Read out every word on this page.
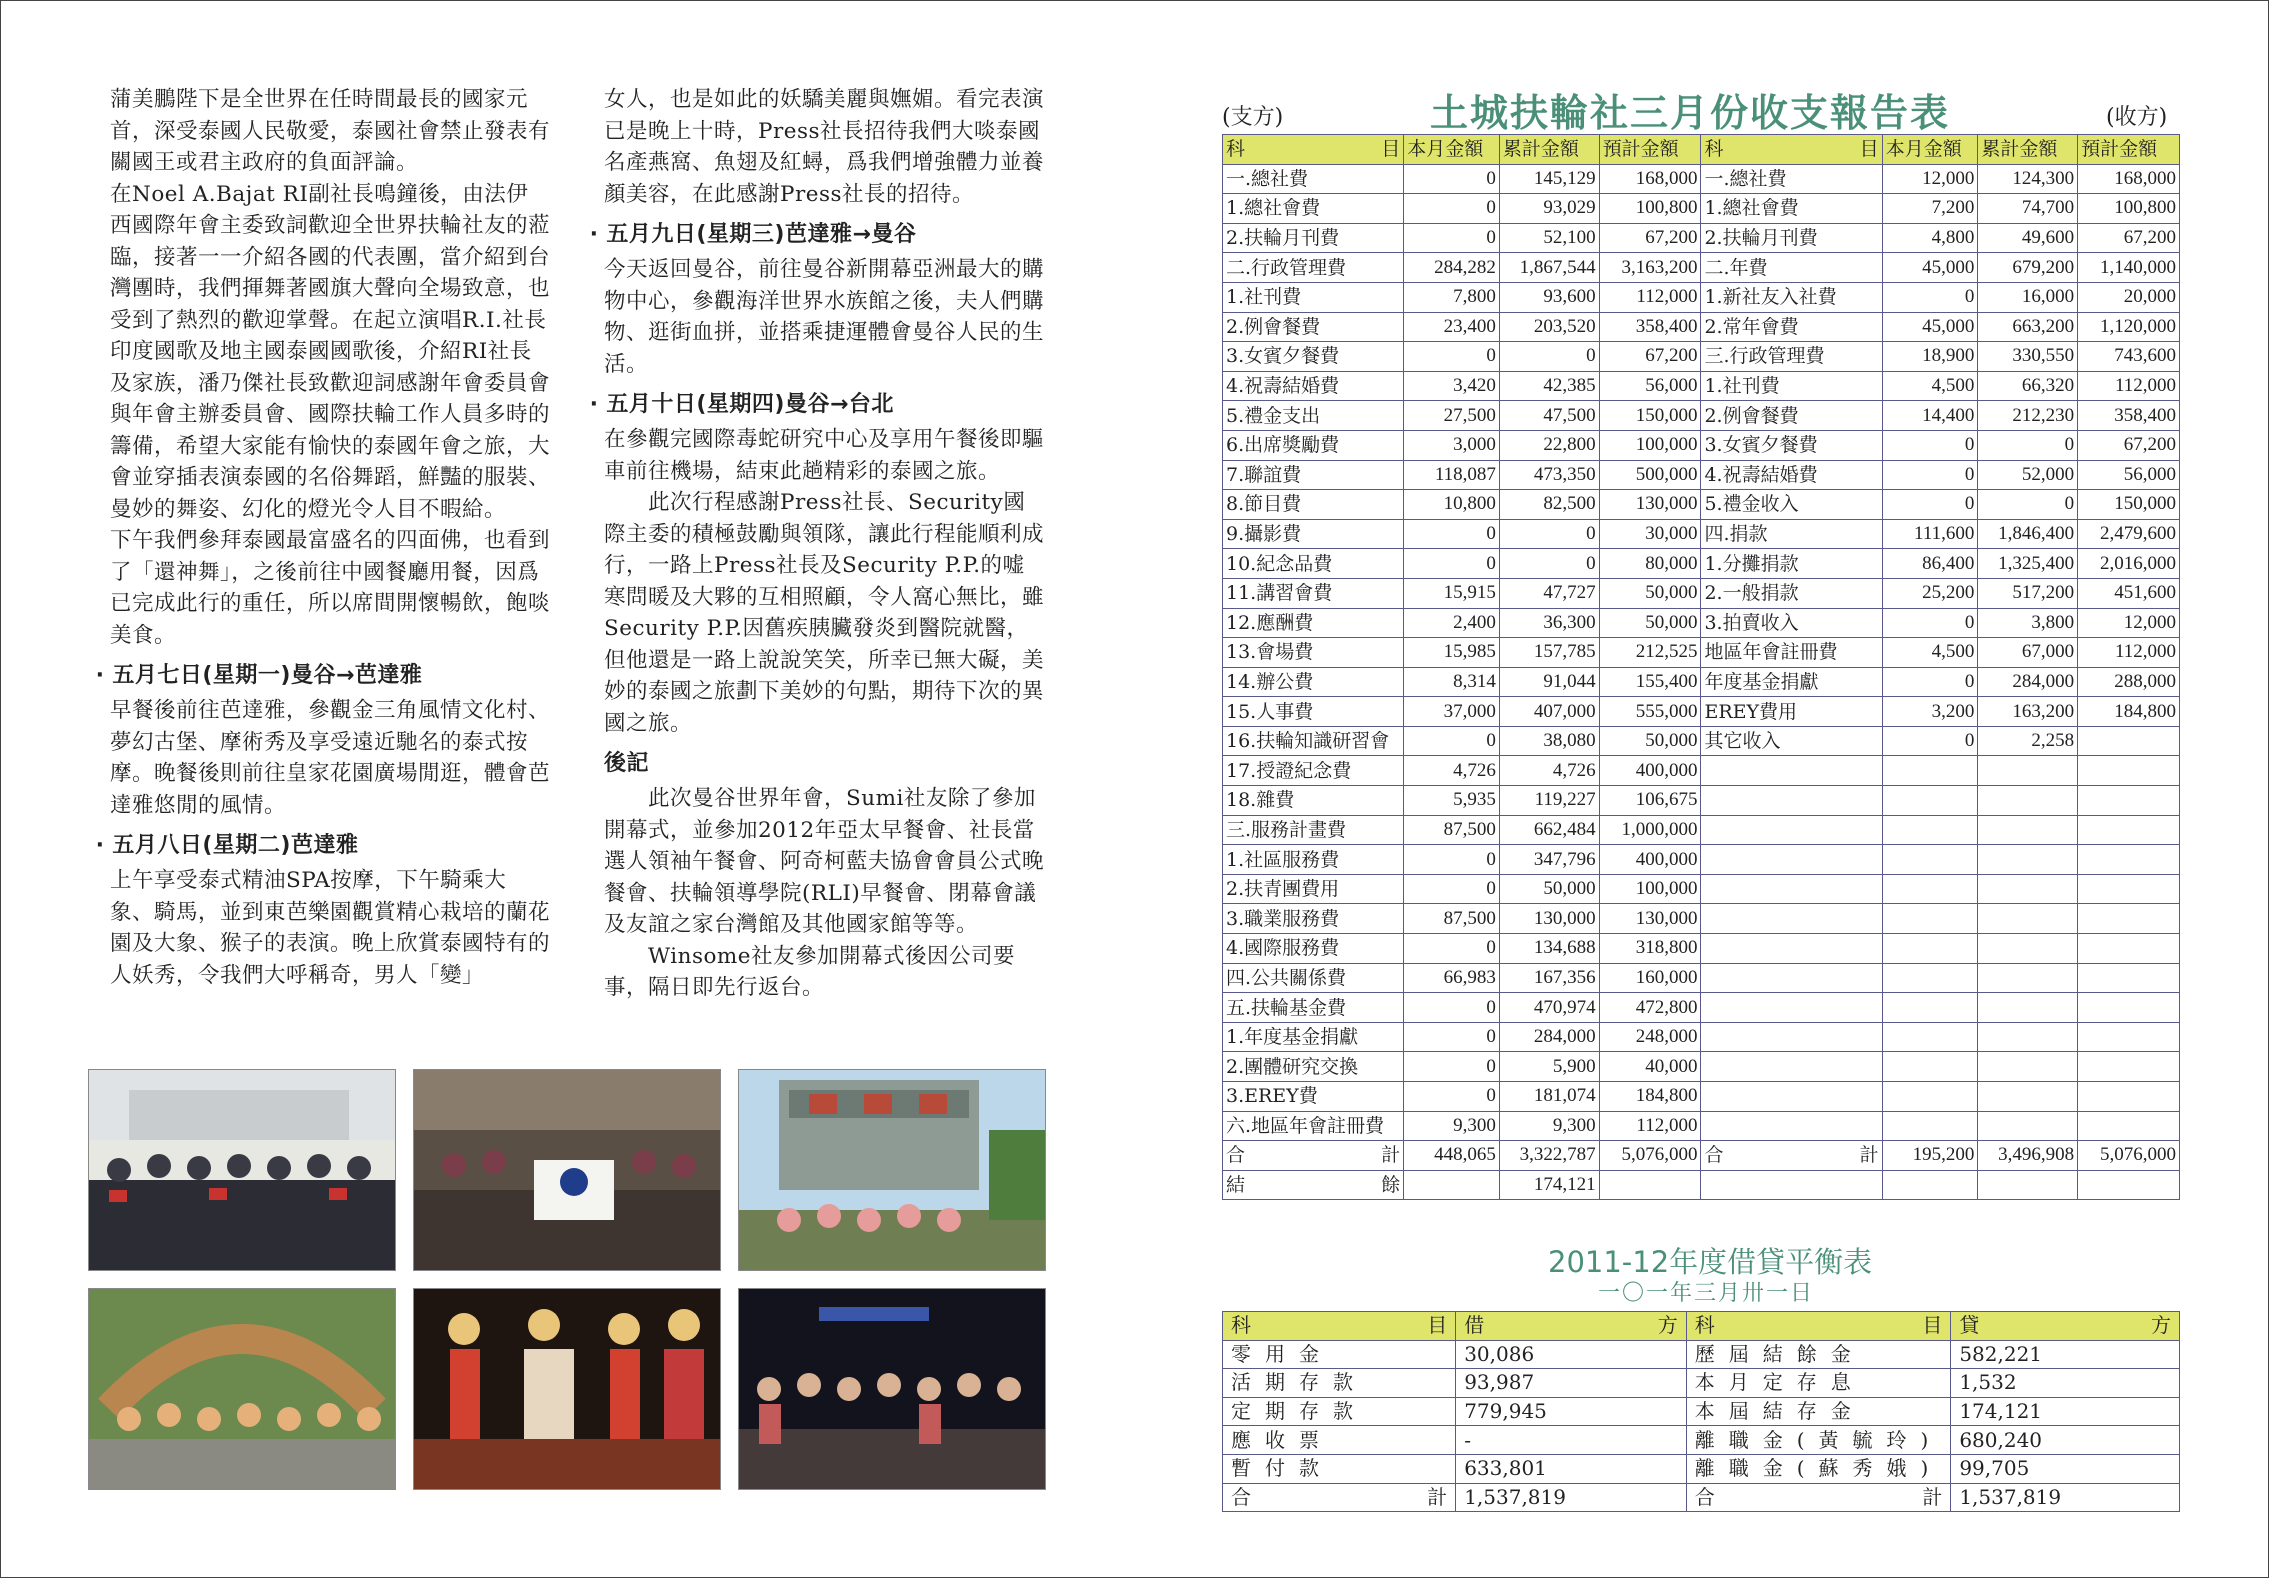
蒲美鵬陛下是全世界在任時間最長的國家元首，深受泰國人民敬愛，泰國社會禁止發表有關國王或君主政府的負面評論。

在Noel A.Bajat RI副社長鳴鐘後，由法伊西國際年會主委致詞歡迎全世界扶輪社友的蒞臨，接著一一介紹各國的代表團，當介紹到台灣團時，我們揮舞著國旗大聲向全場致意，也受到了熱烈的歡迎掌聲。在起立演唱R.I.社長印度國歌及地主國泰國國歌後，介紹RI社長及家族，潘乃傑社長致歡迎詞感謝年會委員會與年會主辦委員會、國際扶輪工作人員多時的籌備，希望大家能有愉快的泰國年會之旅，大會並穿插表演泰國的名俗舞蹈，鮮豔的服裝、曼妙的舞姿、幻化的燈光令人目不暇給。

下午我們參拜泰國最富盛名的四面佛，也看到了「還神舞」，之後前往中國餐廳用餐，因爲已完成此行的重任，所以席間開懷暢飲，飽啖美食。

‧ 五月七日(星期一)曼谷→芭達雅

早餐後前往芭達雅，參觀金三角風情文化村、夢幻古堡、摩術秀及享受遠近馳名的泰式按摩。晚餐後則前往皇家花園廣場閒逛，體會芭達雅悠閒的風情。

‧ 五月八日(星期二)芭達雅

上午享受泰式精油SPA按摩，下午騎乘大象、騎馬，並到東芭樂園觀賞精心栽培的蘭花園及大象、猴子的表演。晚上欣賞泰國特有的人妖秀，令我們大呼稱奇，男人「變」

女人，也是如此的妖驕美麗與嫵媚。看完表演已是晚上十時，Press社長招待我們大啖泰國名產燕窩、魚翅及紅蟳，爲我們增強體力並養顏美容，在此感謝Press社長的招待。

‧ 五月九日(星期三)芭達雅→曼谷

今天返回曼谷，前往曼谷新開幕亞洲最大的購物中心，參觀海洋世界水族館之後，夫人們購物、逛街血拼，並搭乘捷運體會曼谷人民的生活。

‧ 五月十日(星期四)曼谷→台北

在參觀完國際毒蛇研究中心及享用午餐後即驅車前往機場，結束此趟精彩的泰國之旅。

此次行程感謝Press社長、Security國際主委的積極鼓勵與領隊，讓此行程能順利成行，一路上Press社長及Security P.P.的嘘寒問暖及大夥的互相照顧，令人窩心無比，雖Security P.P.因舊疾胰臟發炎到醫院就醫，但他還是一路上說說笑笑，所幸已無大礙，美妙的泰國之旅劃下美妙的句點，期待下次的異國之旅。

後記

此次曼谷世界年會，Sumi社友除了參加開幕式，並參加2012年亞太早餐會、社長當選人領袖午餐會、阿奇柯藍夫協會會員公式晚餐會、扶輪領導學院(RLI)早餐會、閉幕會議及友誼之家台灣館及其他國家館等等。

Winsome社友參加開幕式後因公司要事，隔日即先行返台。

土城扶輪社三月份收支報告表
(支方)	(收方)
科 目	本月金額	累計金額	預計金額	科 目	本月金額	累計金額	預計金額
一.總社費	0	145,129	168,000	一.總社費	12,000	124,300	168,000
1.總社會費	0	93,029	100,800	1.總社會費	7,200	74,700	100,800
2.扶輪月刊費	0	52,100	67,200	2.扶輪月刊費	4,800	49,600	67,200
二.行政管理費	284,282	1,867,544	3,163,200	二.年費	45,000	679,200	1,140,000
1.社刊費	7,800	93,600	112,000	1.新社友入社費	0	16,000	20,000
2.例會餐費	23,400	203,520	358,400	2.常年會費	45,000	663,200	1,120,000
3.女賓夕餐費	0	0	67,200	三.行政管理費	18,900	330,550	743,600
4.祝壽結婚費	3,420	42,385	56,000	1.社刊費	4,500	66,320	112,000
5.禮金支出	27,500	47,500	150,000	2.例會餐費	14,400	212,230	358,400
6.出席獎勵費	3,000	22,800	100,000	3.女賓夕餐費	0	0	67,200
7.聯誼費	118,087	473,350	500,000	4.祝壽結婚費	0	52,000	56,000
8.節目費	10,800	82,500	130,000	5.禮金收入	0	0	150,000
9.攝影費	0	0	30,000	四.捐款	111,600	1,846,400	2,479,600
10.紀念品費	0	0	80,000	1.分攤捐款	86,400	1,325,400	2,016,000
11.講習會費	15,915	47,727	50,000	2.一般捐款	25,200	517,200	451,600
12.應酬費	2,400	36,300	50,000	3.拍賣收入	0	3,800	12,000
13.會場費	15,985	157,785	212,525	地區年會註冊費	4,500	67,000	112,000
14.辦公費	8,314	91,044	155,400	年度基金捐獻	0	284,000	288,000
15.人事費	37,000	407,000	555,000	EREY費用	3,200	163,200	184,800
16.扶輪知識研習會	0	38,080	50,000	其它收入	0	2,258	
17.授證紀念費	4,726	4,726	400,000				
18.雜費	5,935	119,227	106,675				
三.服務計畫費	87,500	662,484	1,000,000				
1.社區服務費	0	347,796	400,000				
2.扶青團費用	0	50,000	100,000				
3.職業服務費	87,500	130,000	130,000				
4.國際服務費	0	134,688	318,800				
四.公共關係費	66,983	167,356	160,000				
五.扶輪基金費	0	470,974	472,800				
1.年度基金捐獻	0	284,000	248,000				
2.團體研究交換	0	5,900	40,000				
3.EREY費	0	181,074	184,800				
六.地區年會註冊費	9,300	9,300	112,000				

合 計	448,065	3,322,787	5,076,000	合 計	195,200	3,496,908	5,076,000

結 餘		174,121					
2011-12年度借貸平衡表
一〇一年三月卅一日
科 目	借 方	科 目	貸 方

零用金	30,086	歷屆結餘金	582,221
活期存款	93,987	本月定存息	1,532
定期存款	779,945	本屆結存金	174,121
應收票	-	離職金(黃毓玲)	680,240
暫付款	633,801	離職金(蘇秀娥)	99,705

合 計	1,537,819	合 計	1,537,819
